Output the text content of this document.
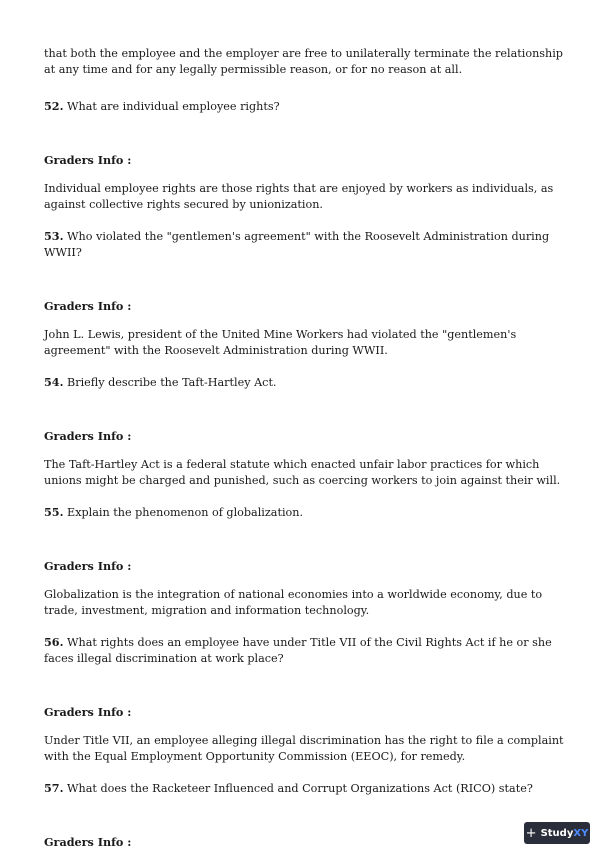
that both the employee and the employer are free to unilaterally terminate the relationship at any time and for any legally permissible reason, or for no reason at all.

52. What are individual employee rights?

Graders Info :

Individual employee rights are those rights that are enjoyed by workers as individuals, as against collective rights secured by unionization.

53. Who violated the "gentlemen's agreement" with the Roosevelt Administration during WWII?

Graders Info :

John L. Lewis, president of the United Mine Workers had violated the "gentlemen's agreement" with the Roosevelt Administration during WWII.

54. Briefly describe the Taft-Hartley Act.

Graders Info :

The Taft-Hartley Act is a federal statute which enacted unfair labor practices for which unions might be charged and punished, such as coercing workers to join against their will.

55. Explain the phenomenon of globalization.

Graders Info :

Globalization is the integration of national economies into a worldwide economy, due to trade, investment, migration and information technology.

56. What rights does an employee have under Title VII of the Civil Rights Act if he or she faces illegal discrimination at work place?

Graders Info :

Under Title VII, an employee alleging illegal discrimination has the right to file a complaint with the Equal Employment Opportunity Commission (EEOC), for remedy.

57. What does the Racketeer Influenced and Corrupt Organizations Act (RICO) state?

Graders Info :

+ StudyXY
